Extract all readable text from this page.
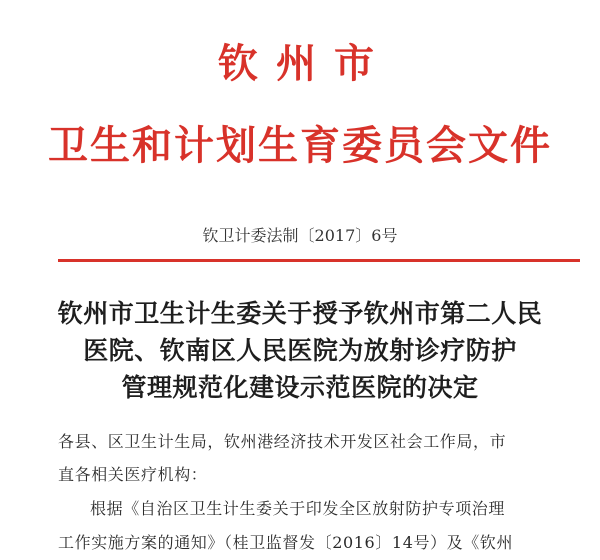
钦州市
卫生和计划生育委员会文件
钦卫计委法制〔2017〕6号
钦州市卫生计生委关于授予钦州市第二人民
医院、钦南区人民医院为放射诊疗防护
管理规范化建设示范医院的决定
各县、区卫生计生局，钦州港经济技术开发区社会工作局，市
直各相关医疗机构：
根据《自治区卫生计生委关于印发全区放射防护专项治理
工作实施方案的通知》（桂卫监督发〔2016〕14号）及《钦州
